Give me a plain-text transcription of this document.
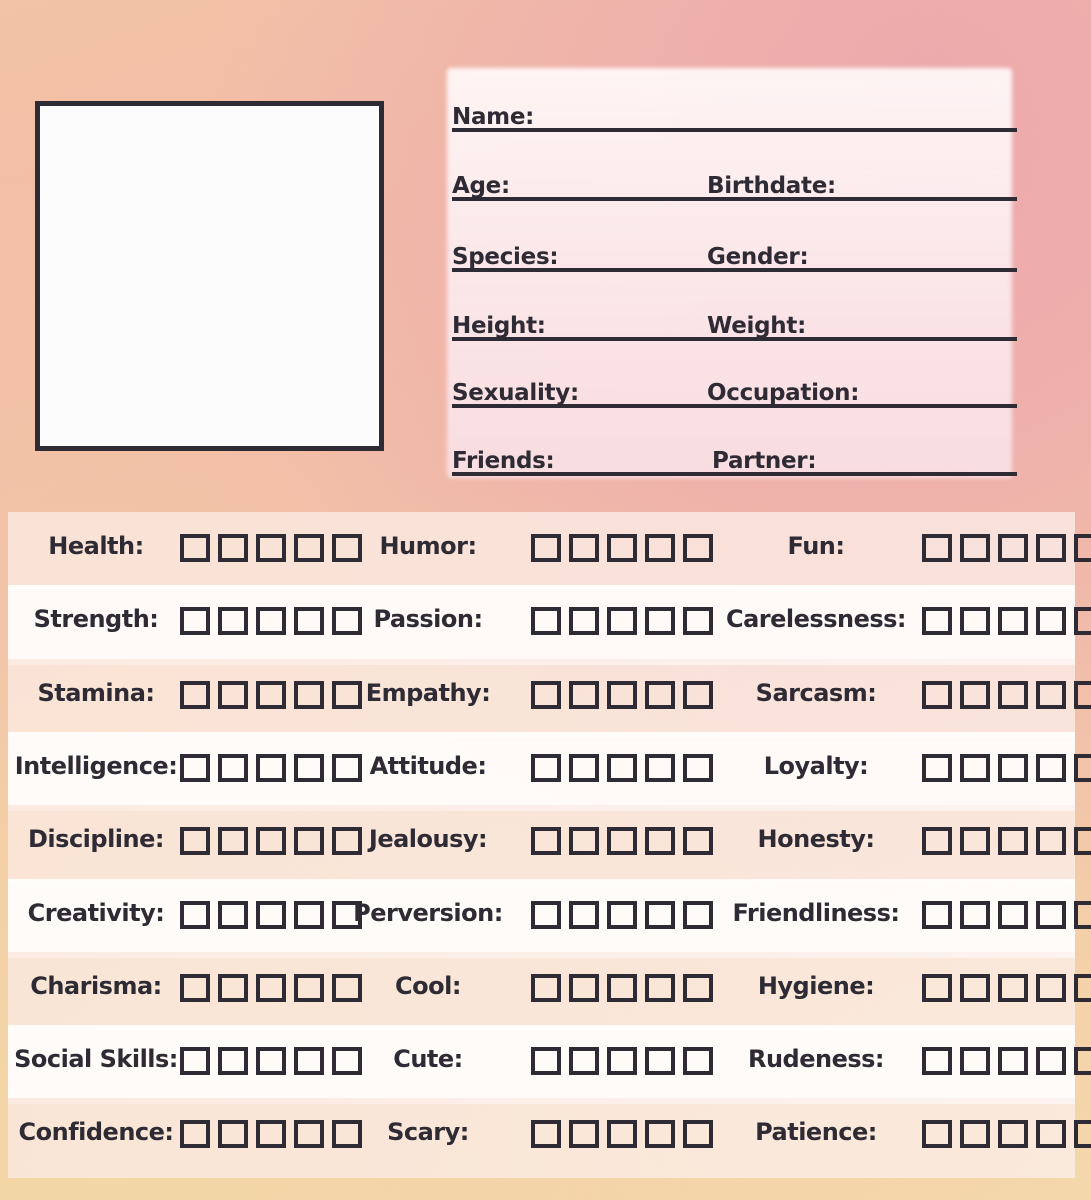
Name:
Age:	Birthdate:
Species:	Gender:
Height:	Weight:
Sexuality:	Occupation:
Friends:	Partner:
Health:	Humor:	Fun:
Strength:	Passion:	Carelessness:
Stamina:	Empathy:	Sarcasm:
Intelligence:	Attitude:	Loyalty:
Discipline:	Jealousy:	Honesty:
Creativity:	Perversion:	Friendliness:
Charisma:	Cool:	Hygiene:
Social Skills:	Cute:	Rudeness:
Confidence:	Scary:	Patience:
